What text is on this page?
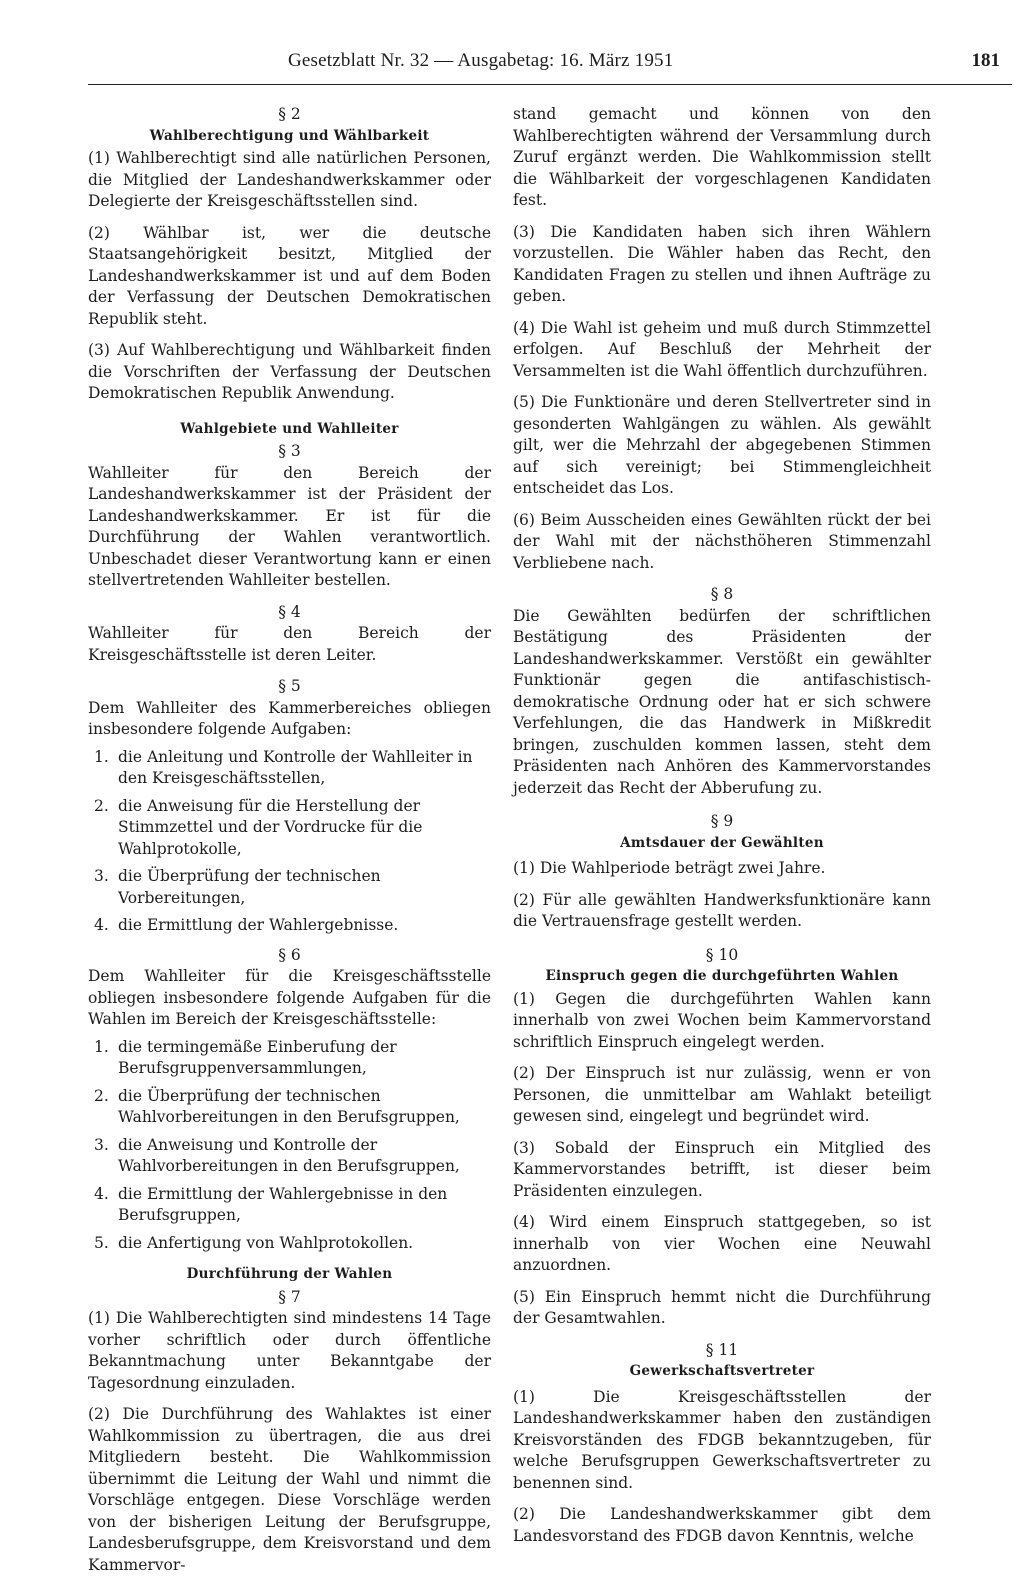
Gesetzblatt Nr. 32 — Ausgabetag: 16. März 1951	181
§ 2
Wahlberechtigung und Wählbarkeit

(1) Wahlberechtigt sind alle natürlichen Personen, die Mitglied der Landeshandwerkskammer oder Delegierte der Kreisgeschäftsstellen sind.

(2) Wählbar ist, wer die deutsche Staatsangehörigkeit besitzt, Mitglied der Landeshandwerkskammer ist und auf dem Boden der Verfassung der Deutschen Demokratischen Republik steht.

(3) Auf Wahlberechtigung und Wählbarkeit finden die Vorschriften der Verfassung der Deutschen Demokratischen Republik Anwendung.

Wahlgebiete und Wahlleiter
§ 3

Wahlleiter für den Bereich der Landeshandwerkskammer ist der Präsident der Landeshandwerkskammer. Er ist für die Durchführung der Wahlen verantwortlich. Unbeschadet dieser Verantwortung kann er einen stellvertretenden Wahlleiter bestellen.

§ 4

Wahlleiter für den Bereich der Kreisgeschäftsstelle ist deren Leiter.

§ 5

Dem Wahlleiter des Kammerbereiches obliegen insbesondere folgende Aufgaben:

1. die Anleitung und Kontrolle der Wahlleiter in den Kreisgeschäftsstellen,
2. die Anweisung für die Herstellung der Stimmzettel und der Vordrucke für die Wahlprotokolle,
3. die Überprüfung der technischen Vorbereitungen,
4. die Ermittlung der Wahlergebnisse.
§ 6

Dem Wahlleiter für die Kreisgeschäftsstelle obliegen insbesondere folgende Aufgaben für die Wahlen im Bereich der Kreisgeschäftsstelle:

1. die termingemäße Einberufung der Berufsgruppenversammlungen,
2. die Überprüfung der technischen Wahlvorbereitungen in den Berufsgruppen,
3. die Anweisung und Kontrolle der Wahlvorbereitungen in den Berufsgruppen,
4. die Ermittlung der Wahlergebnisse in den Berufsgruppen,
5. die Anfertigung von Wahlprotokollen.
Durchführung der Wahlen
§ 7

(1) Die Wahlberechtigten sind mindestens 14 Tage vorher schriftlich oder durch öffentliche Bekanntmachung unter Bekanntgabe der Tagesordnung einzuladen.

(2) Die Durchführung des Wahlaktes ist einer Wahlkommission zu übertragen, die aus drei Mitgliedern besteht. Die Wahlkommission übernimmt die Leitung der Wahl und nimmt die Vorschläge entgegen. Diese Vorschläge werden von der bisherigen Leitung der Berufsgruppe, Landesberufsgruppe, dem Kreisvorstand und dem Kammervor-

stand gemacht und können von den Wahlberechtigten während der Versammlung durch Zuruf ergänzt werden. Die Wahlkommission stellt die Wählbarkeit der vorgeschlagenen Kandidaten fest.

(3) Die Kandidaten haben sich ihren Wählern vorzustellen. Die Wähler haben das Recht, den Kandidaten Fragen zu stellen und ihnen Aufträge zu geben.

(4) Die Wahl ist geheim und muß durch Stimmzettel erfolgen. Auf Beschluß der Mehrheit der Versammelten ist die Wahl öffentlich durchzuführen.

(5) Die Funktionäre und deren Stellvertreter sind in gesonderten Wahlgängen zu wählen. Als gewählt gilt, wer die Mehrzahl der abgegebenen Stimmen auf sich vereinigt; bei Stimmengleichheit entscheidet das Los.

(6) Beim Ausscheiden eines Gewählten rückt der bei der Wahl mit der nächsthöheren Stimmenzahl Verbliebene nach.

§ 8

Die Gewählten bedürfen der schriftlichen Bestätigung des Präsidenten der Landeshandwerkskammer. Verstößt ein gewählter Funktionär gegen die antifaschistisch-demokratische Ordnung oder hat er sich schwere Verfehlungen, die das Handwerk in Mißkredit bringen, zuschulden kommen lassen, steht dem Präsidenten nach Anhören des Kammervorstandes jederzeit das Recht der Abberufung zu.

§ 9
Amtsdauer der Gewählten

(1) Die Wahlperiode beträgt zwei Jahre.

(2) Für alle gewählten Handwerksfunktionäre kann die Vertrauensfrage gestellt werden.

§ 10
Einspruch gegen die durchgeführten Wahlen

(1) Gegen die durchgeführten Wahlen kann innerhalb von zwei Wochen beim Kammervorstand schriftlich Einspruch eingelegt werden.

(2) Der Einspruch ist nur zulässig, wenn er von Personen, die unmittelbar am Wahlakt beteiligt gewesen sind, eingelegt und begründet wird.

(3) Sobald der Einspruch ein Mitglied des Kammervorstandes betrifft, ist dieser beim Präsidenten einzulegen.

(4) Wird einem Einspruch stattgegeben, so ist innerhalb von vier Wochen eine Neuwahl anzuordnen.

(5) Ein Einspruch hemmt nicht die Durchführung der Gesamtwahlen.

§ 11
Gewerkschaftsvertreter

(1) Die Kreisgeschäftsstellen der Landeshandwerkskammer haben den zuständigen Kreisvorständen des FDGB bekanntzugeben, für welche Berufsgruppen Gewerkschaftsvertreter zu benennen sind.

(2) Die Landeshandwerkskammer gibt dem Landesvorstand des FDGB davon Kenntnis, welche
